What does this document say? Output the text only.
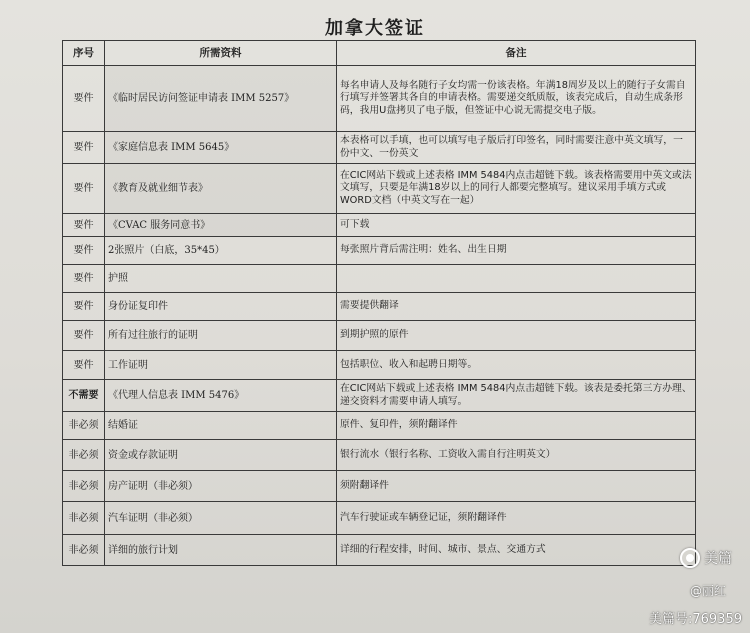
加拿大签证
序号	所需资料	备注
要件	《临时居民访问签证申请表 IMM 5257》	每名申请人及每名随行子女均需一份该表格。年满18周岁及以上的随行子女需自行填写并签署其各自的申请表格。需要递交纸质版，该表完成后，自动生成条形码，我用U盘拷贝了电子版，但签证中心说无需提交电子版。
要件	《家庭信息表 IMM 5645》	本表格可以手填，也可以填写电子版后打印签名，同时需要注意中英文填写，一份中文、一份英文
要件	《教育及就业细节表》	在CIC网站下载或上述表格 IMM 5484内点击超链下载。该表格需要用中英文或法文填写，只要是年满18岁以上的同行人都要完整填写。建议采用手填方式或WORD文档（中英文写在一起）
要件	《CVAC 服务同意书》	可下载
要件	2张照片（白底，35*45）	每张照片背后需注明：姓名、出生日期
要件	护照	
要件	身份证复印件	需要提供翻译
要件	所有过往旅行的证明	到期护照的原件
要件	工作证明	包括职位、收入和起聘日期等。
不需要	《代理人信息表 IMM 5476》	在CIC网站下载或上述表格 IMM 5484内点击超链下载。该表是委托第三方办理、递交资料才需要申请人填写。
非必须	结婚证	原件、复印件，须附翻译件
非必须	资金或存款证明	银行流水（银行名称、工资收入需自行注明英文）
非必须	房产证明（非必须）	须附翻译件
非必须	汽车证明（非必须）	汽车行驶证或车辆登记证，须附翻译件
非必须	详细的旅行计划	详细的行程安排，时间、城市、景点、交通方式
美篇
@丽红
美篇号:769359
